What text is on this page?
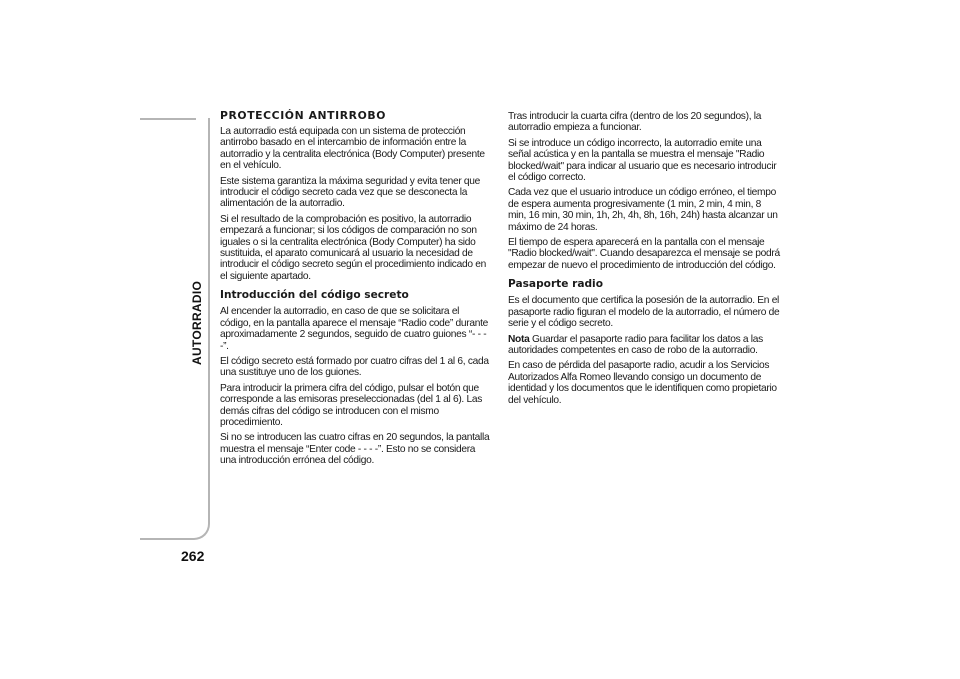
AUTORRADIO
262
PROTECCIÓN ANTIRROBO

La autorradio está equipada con un sistema de protección antirrobo basado en el intercambio de información entre la autorradio y la centralita electrónica (Body Computer) presente en el vehículo.

Este sistema garantiza la máxima seguridad y evita tener que introducir el código secreto cada vez que se desconecta la alimentación de la autorradio.

Si el resultado de la comprobación es positivo, la autorradio empezará a funcionar; si los códigos de comparación no son iguales o si la centralita electrónica (Body Computer) ha sido sustituida, el aparato comunicará al usuario la necesidad de introducir el código secreto según el procedimiento indicado en el siguiente apartado.

Introducción del código secreto

Al encender la autorradio, en caso de que se solicitara el código, en la pantalla aparece el mensaje “Radio code” durante aproximadamente 2 segundos, seguido de cuatro guiones “- - - -”.

El código secreto está formado por cuatro cifras del 1 al 6, cada una sustituye uno de los guiones.

Para introducir la primera cifra del código, pulsar el botón que corresponde a las emisoras preseleccionadas (del 1 al 6). Las demás cifras del código se introducen con el mismo procedimiento.

Si no se introducen las cuatro cifras en 20 segundos, la pantalla muestra el mensaje “Enter code - - - -”. Esto no se considera una introducción errónea del código.

Tras introducir la cuarta cifra (dentro de los 20 segundos), la autorradio empieza a funcionar.

Si se introduce un código incorrecto, la autorradio emite una señal acústica y en la pantalla se muestra el mensaje "Radio blocked/wait" para indicar al usuario que es necesario introducir el código correcto.

Cada vez que el usuario introduce un código erróneo, el tiempo de espera aumenta progresivamente (1 min, 2 min, 4 min, 8 min, 16 min, 30 min, 1h, 2h, 4h, 8h, 16h, 24h) hasta alcanzar un máximo de 24 horas.

El tiempo de espera aparecerá en la pantalla con el mensaje "Radio blocked/wait". Cuando desaparezca el mensaje se podrá empezar de nuevo el procedimiento de introducción del código.

Pasaporte radio

Es el documento que certifica la posesión de la autorradio. En el pasaporte radio figuran el modelo de la autorradio, el número de serie y el código secreto.

Nota Guardar el pasaporte radio para facilitar los datos a las autoridades competentes en caso de robo de la autorradio.

En caso de pérdida del pasaporte radio, acudir a los Servicios Autorizados Alfa Romeo llevando consigo un documento de identidad y los documentos que le identifiquen como propietario del vehículo.
